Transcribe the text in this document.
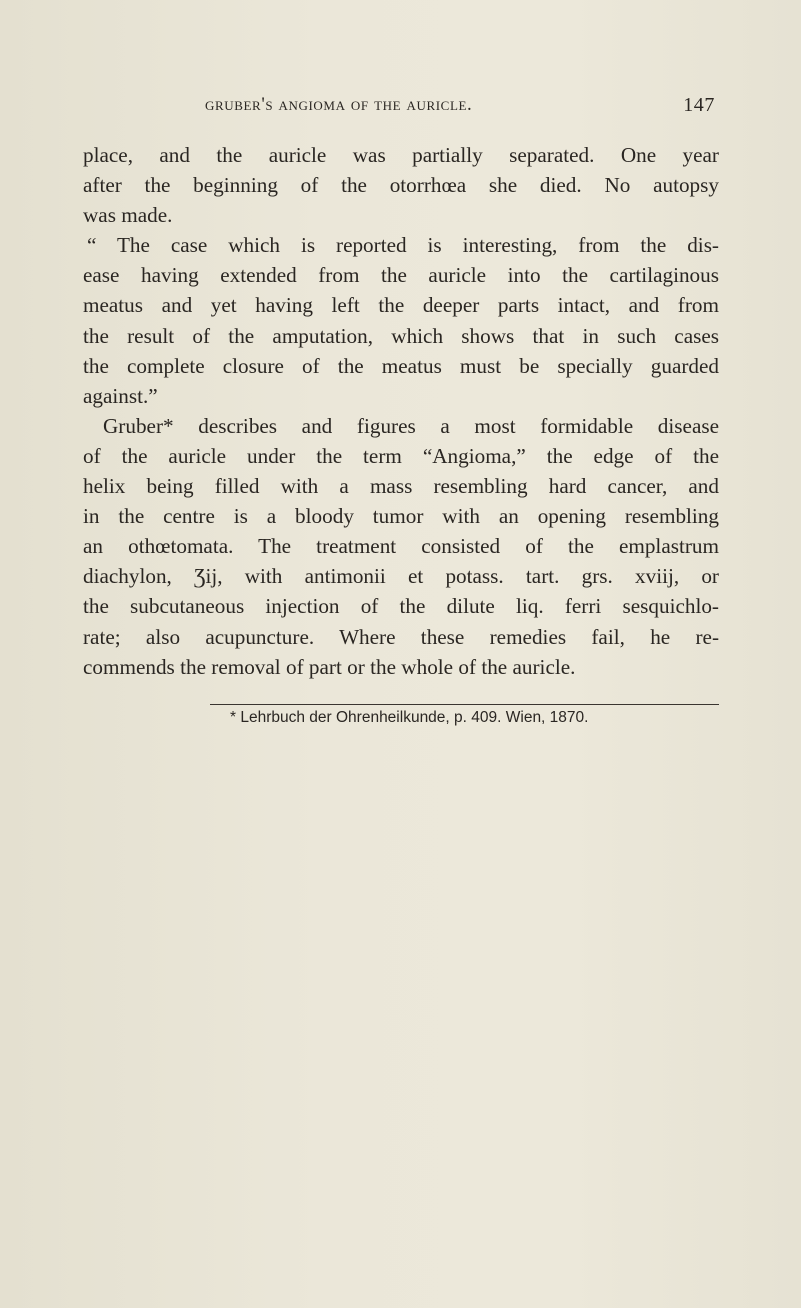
gruber's angioma of the auricle.	147

place, and the auricle was partially separated. One year
after the beginning of the otorrhœa she died. No autopsy
was made.

“ The case which is reported is interesting, from the dis-
ease having extended from the auricle into the cartilaginous
meatus and yet having left the deeper parts intact, and from
the result of the amputation, which shows that in such cases
the complete closure of the meatus must be specially guarded
against.”

Gruber* describes and figures a most formidable disease
of the auricle under the term “Angioma,” the edge of the
helix being filled with a mass resembling hard cancer, and
in the centre is a bloody tumor with an opening resembling
an othœtomata. The treatment consisted of the emplastrum
diachylon, Ʒij, with antimonii et potass. tart. grs. xviij, or
the subcutaneous injection of the dilute liq. ferri sesquichlo-
rate; also acupuncture. Where these remedies fail, he re-
commends the removal of part or the whole of the auricle.

* Lehrbuch der Ohrenheilkunde, p. 409. Wien, 1870.
